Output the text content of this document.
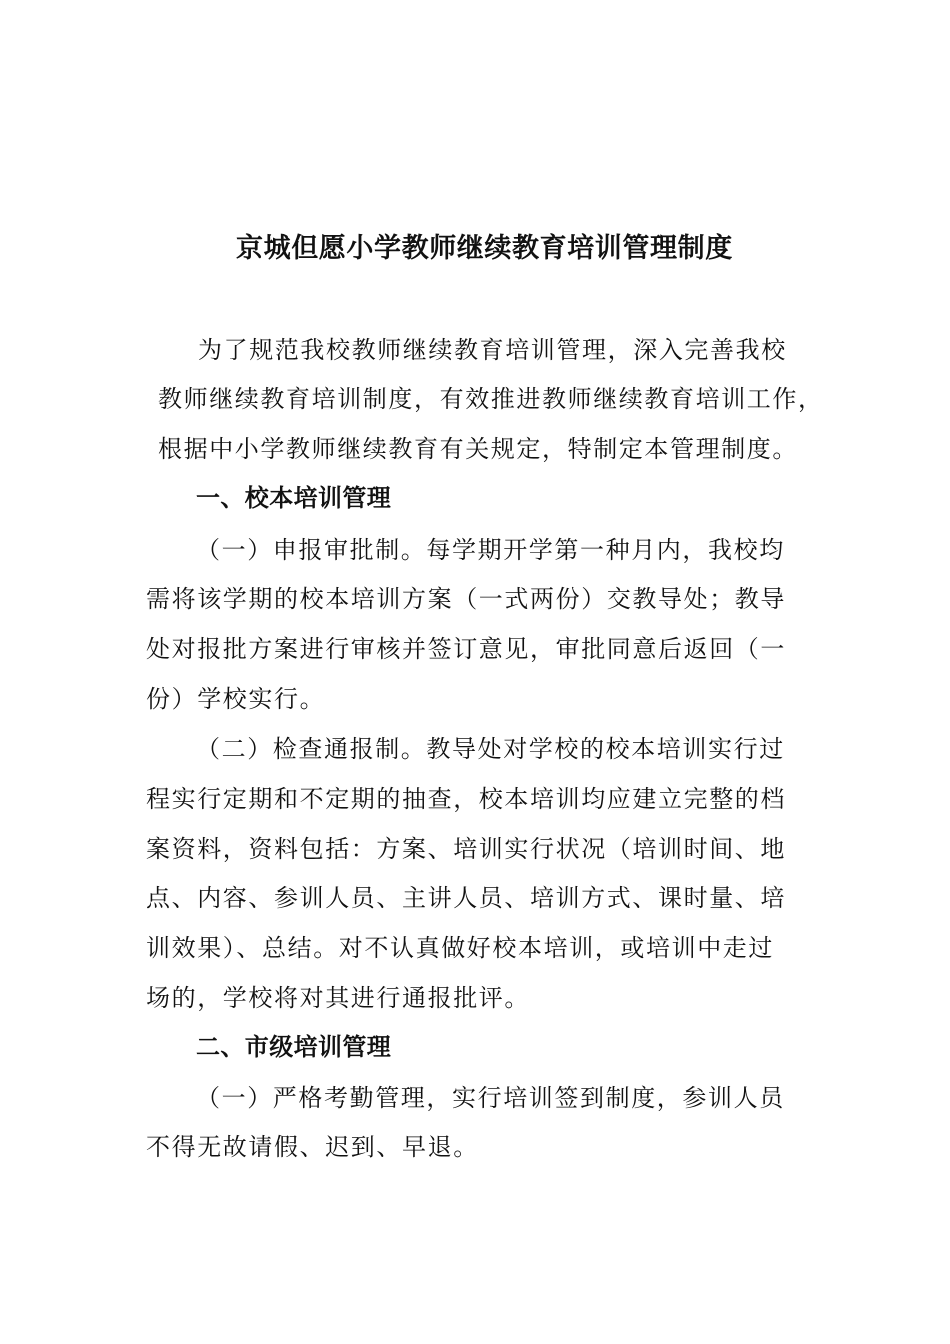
京城但愿小学教师继续教育培训管理制度
为了规范我校教师继续教育培训管理，深入完善我校
教师继续教育培训制度，有效推进教师继续教育培训工作，
根据中小学教师继续教育有关规定，特制定本管理制度。
一、校本培训管理
（一）申报审批制。每学期开学第一种月内，我校均
需将该学期的校本培训方案（一式两份）交教导处；教导
处对报批方案进行审核并签订意见，审批同意后返回（一
份）学校实行。
（二）检查通报制。教导处对学校的校本培训实行过
程实行定期和不定期的抽查，校本培训均应建立完整的档
案资料，资料包括：方案、培训实行状况（培训时间、地
点、内容、参训人员、主讲人员、培训方式、课时量、培
训效果）、总结。对不认真做好校本培训，或培训中走过
场的，学校将对其进行通报批评。
二、市级培训管理
（一）严格考勤管理，实行培训签到制度，参训人员
不得无故请假、迟到、早退。
